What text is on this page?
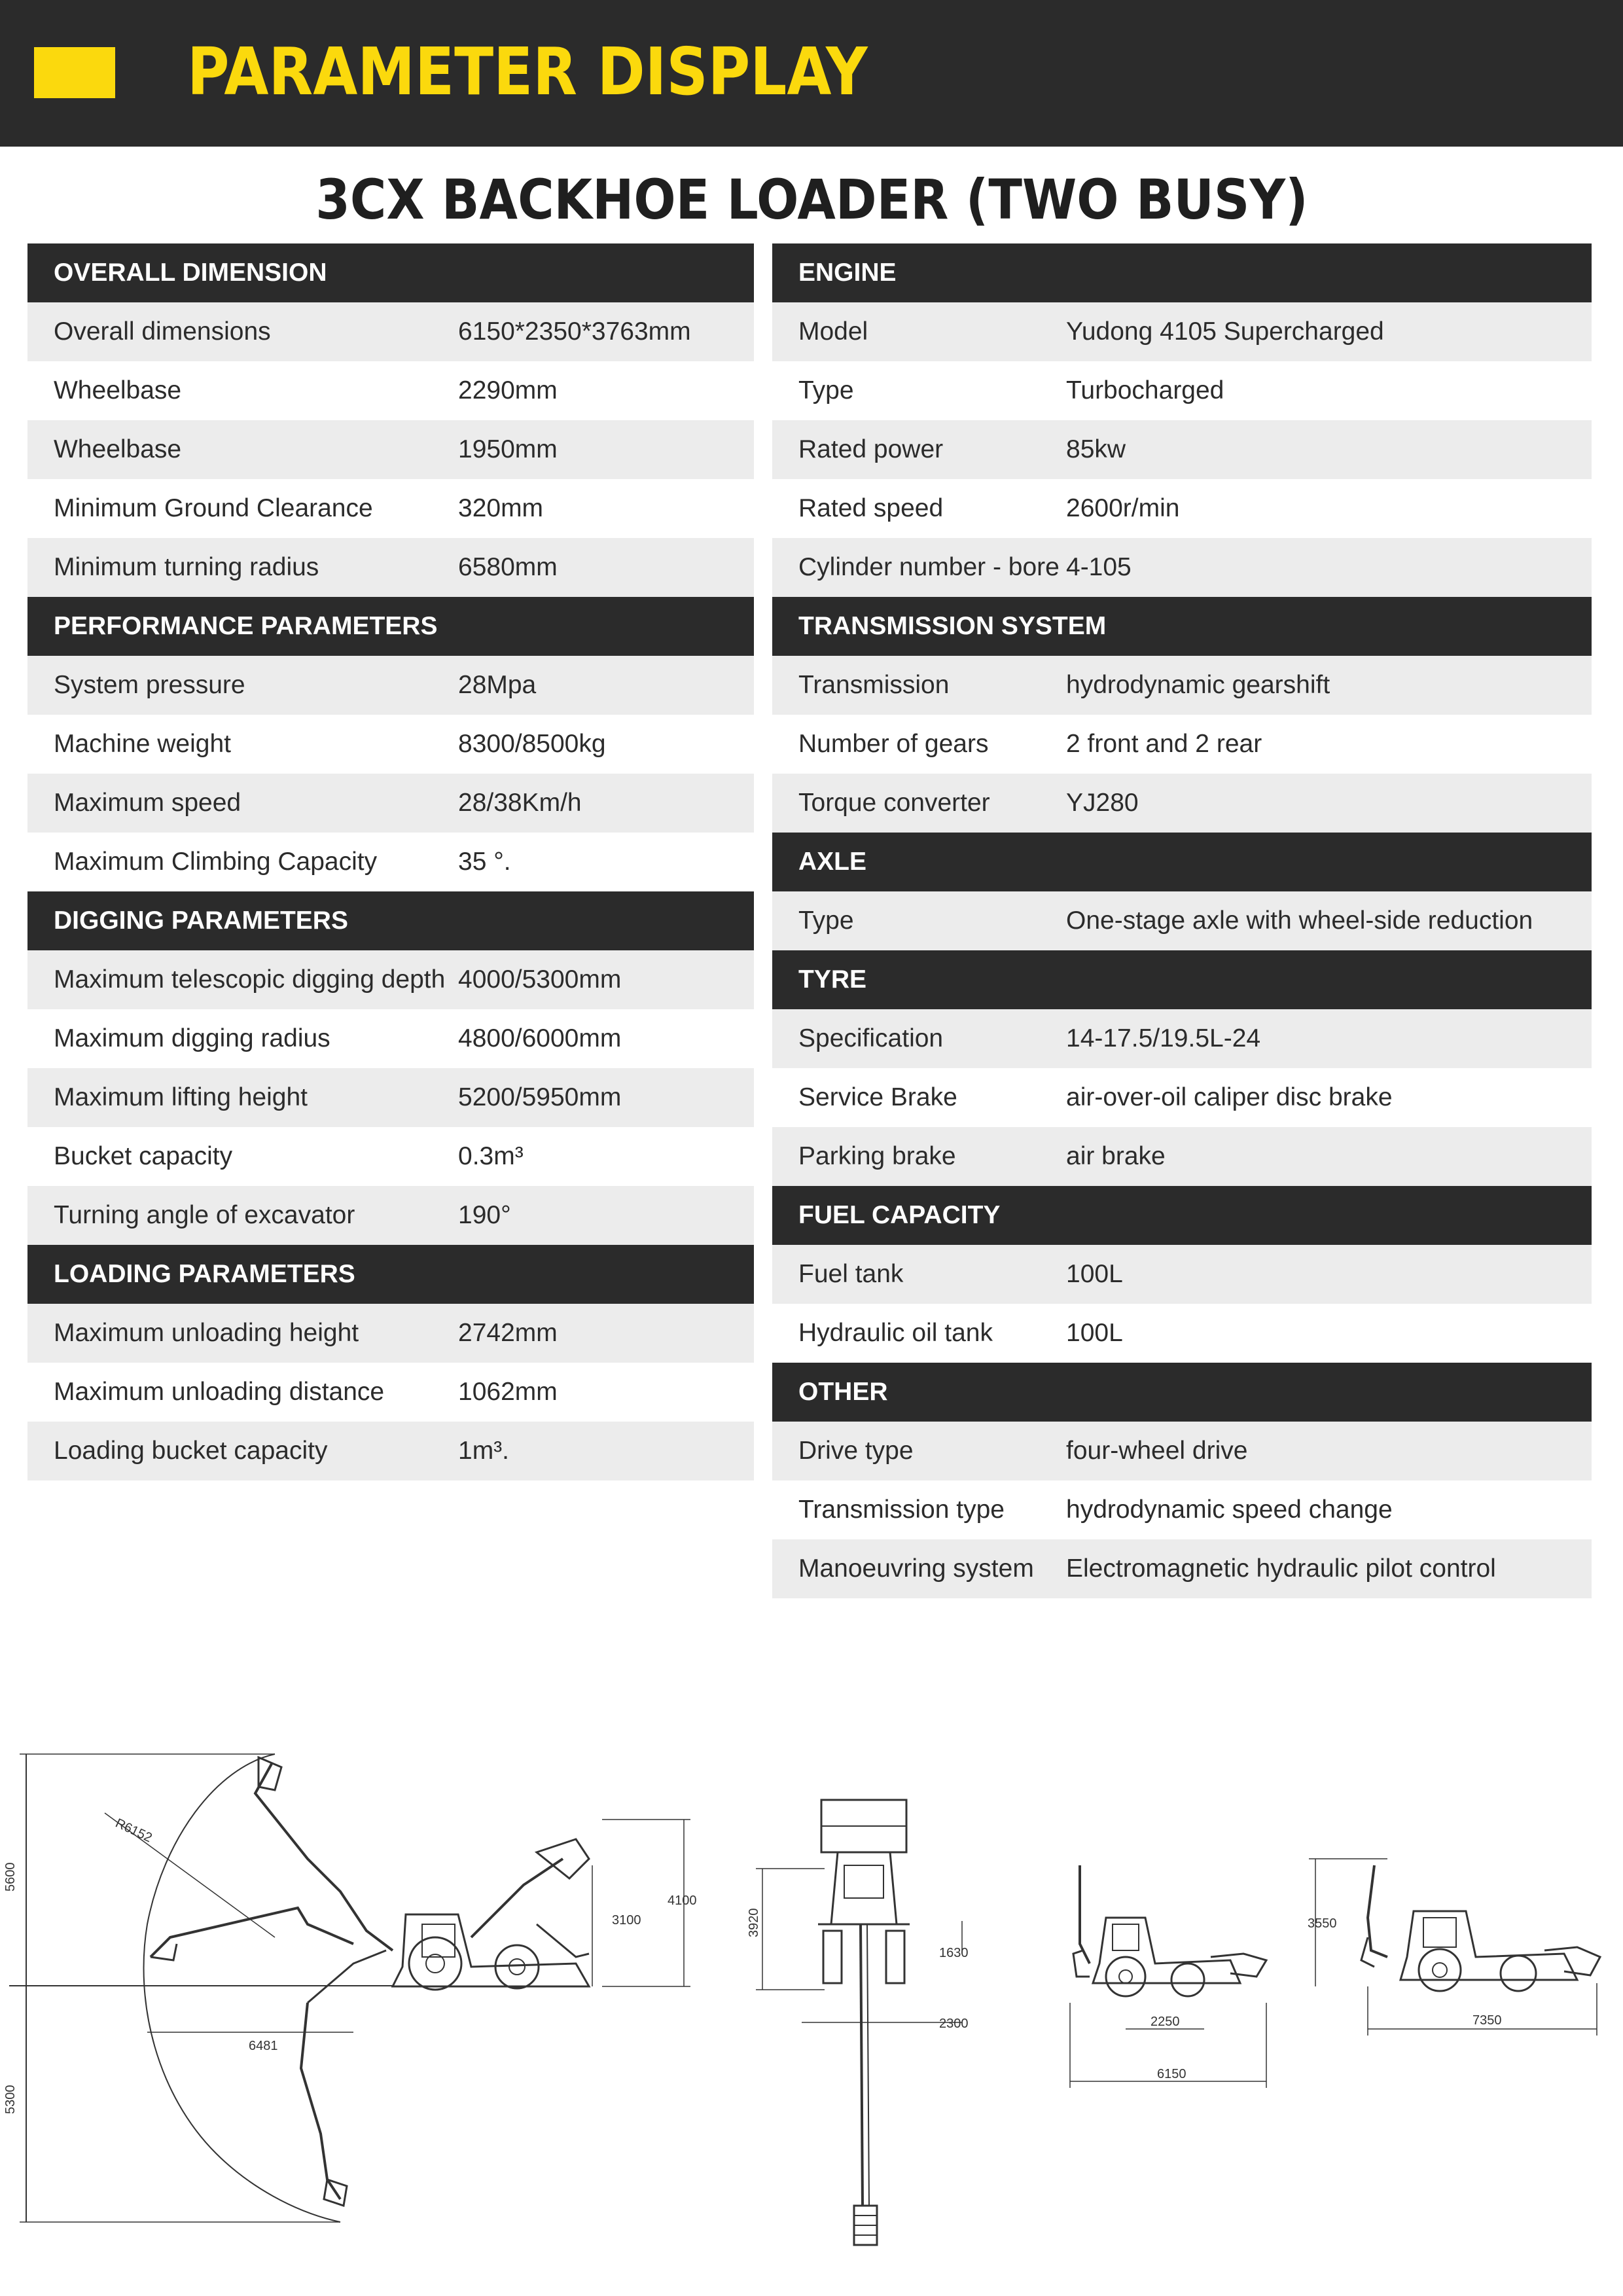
PARAMETER DISPLAY
3CX BACKHOE LOADER (TWO BUSY)
OVERALL DIMENSION
Overall dimensions	6150*2350*3763mm
Wheelbase	2290mm
Wheelbase	1950mm
Minimum Ground Clearance	320mm
Minimum turning radius	6580mm
PERFORMANCE PARAMETERS
System pressure	28Mpa
Machine weight	8300/8500kg
Maximum speed	28/38Km/h
Maximum Climbing Capacity	35 °.
DIGGING PARAMETERS
Maximum telescopic digging depth 4000/5300mm
Maximum digging radius	4800/6000mm
Maximum lifting height	5200/5950mm
Bucket capacity	0.3m³
Turning angle of excavator	190°
LOADING PARAMETERS
Maximum unloading height	2742mm
Maximum unloading distance	1062mm
Loading bucket capacity	1m³.
ENGINE
Model	Yudong 4105 Supercharged
Type	Turbocharged
Rated power	85kw
Rated speed	2600r/min
Cylinder number - bore 4-105
TRANSMISSION SYSTEM
Transmission	hydrodynamic gearshift
Number of gears	2 front and 2 rear
Torque converter	YJ280
AXLE
Type	One-stage axle with wheel-side reduction
TYRE
Specification	14-17.5/19.5L-24
Service Brake	air-over-oil caliper disc brake
Parking brake	air brake
FUEL CAPACITY
Fuel tank	100L
Hydraulic oil tank	100L
OTHER
Drive type	four-wheel drive
Transmission type	hydrodynamic speed change
Manoeuvring system	Electromagnetic hydraulic pilot control
5600
5300
R6152
6481
3100
4100
3920
1630
2300	2250
6150
3550
7350
